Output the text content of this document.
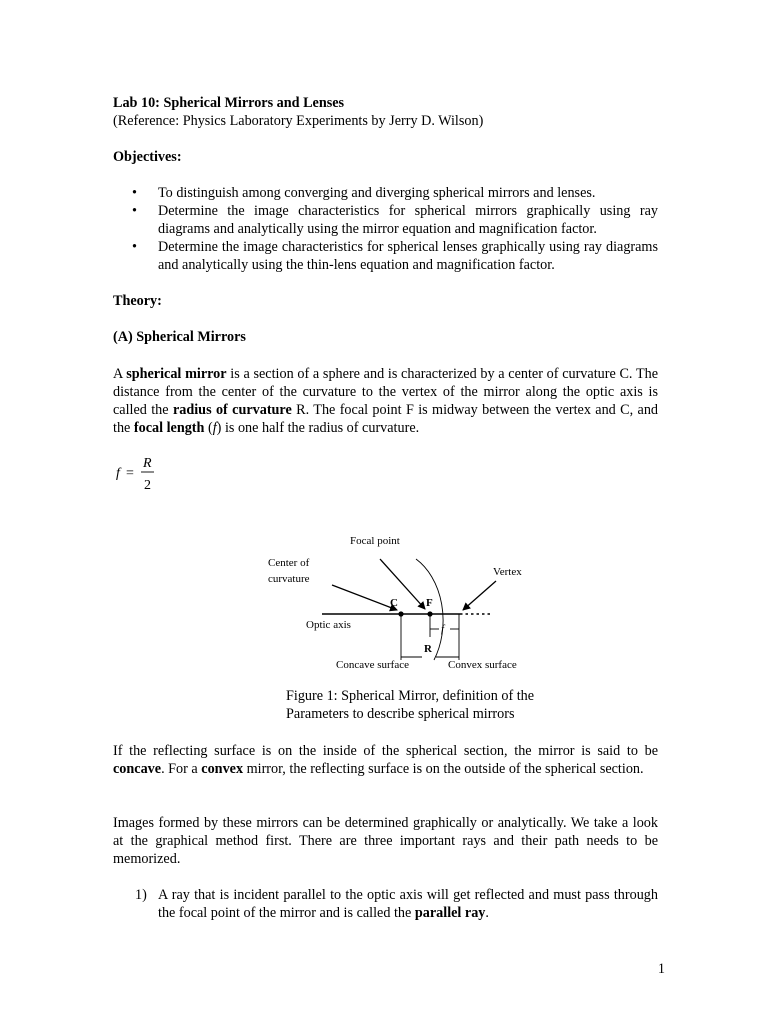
Lab 10: Spherical Mirrors and Lenses
(Reference: Physics Laboratory Experiments by Jerry D. Wilson)
Objectives:
• To distinguish among converging and diverging spherical mirrors and lenses.
• Determine the image characteristics for spherical mirrors graphically using ray diagrams and analytically using the mirror equation and magnification factor.
• Determine the image characteristics for spherical lenses graphically using ray diagrams and analytically using the thin-lens equation and magnification factor.
Theory:
(A) Spherical Mirrors
A spherical mirror is a section of a sphere and is characterized by a center of curvature C. The distance from the center of the curvature to the vertex of the mirror along the optic axis is called the radius of curvature R. The focal point F is midway between the vertex and C, and the focal length (f) is one half the radius of curvature.
f =
R
2
Focal point
Center of
curvature
Vertex
C	F
Optic axis	f
R
Concave surface	Convex surface
Figure 1: Spherical Mirror, definition of the
Parameters to describe spherical mirrors
If the reflecting surface is on the inside of the spherical section, the mirror is said to be concave. For a convex mirror, the reflecting surface is on the outside of the spherical section.
Images formed by these mirrors can be determined graphically or analytically. We take a look at the graphical method first. There are three important rays and their path needs to be memorized.
1) A ray that is incident parallel to the optic axis will get reflected and must pass through the focal point of the mirror and is called the parallel ray.
1
